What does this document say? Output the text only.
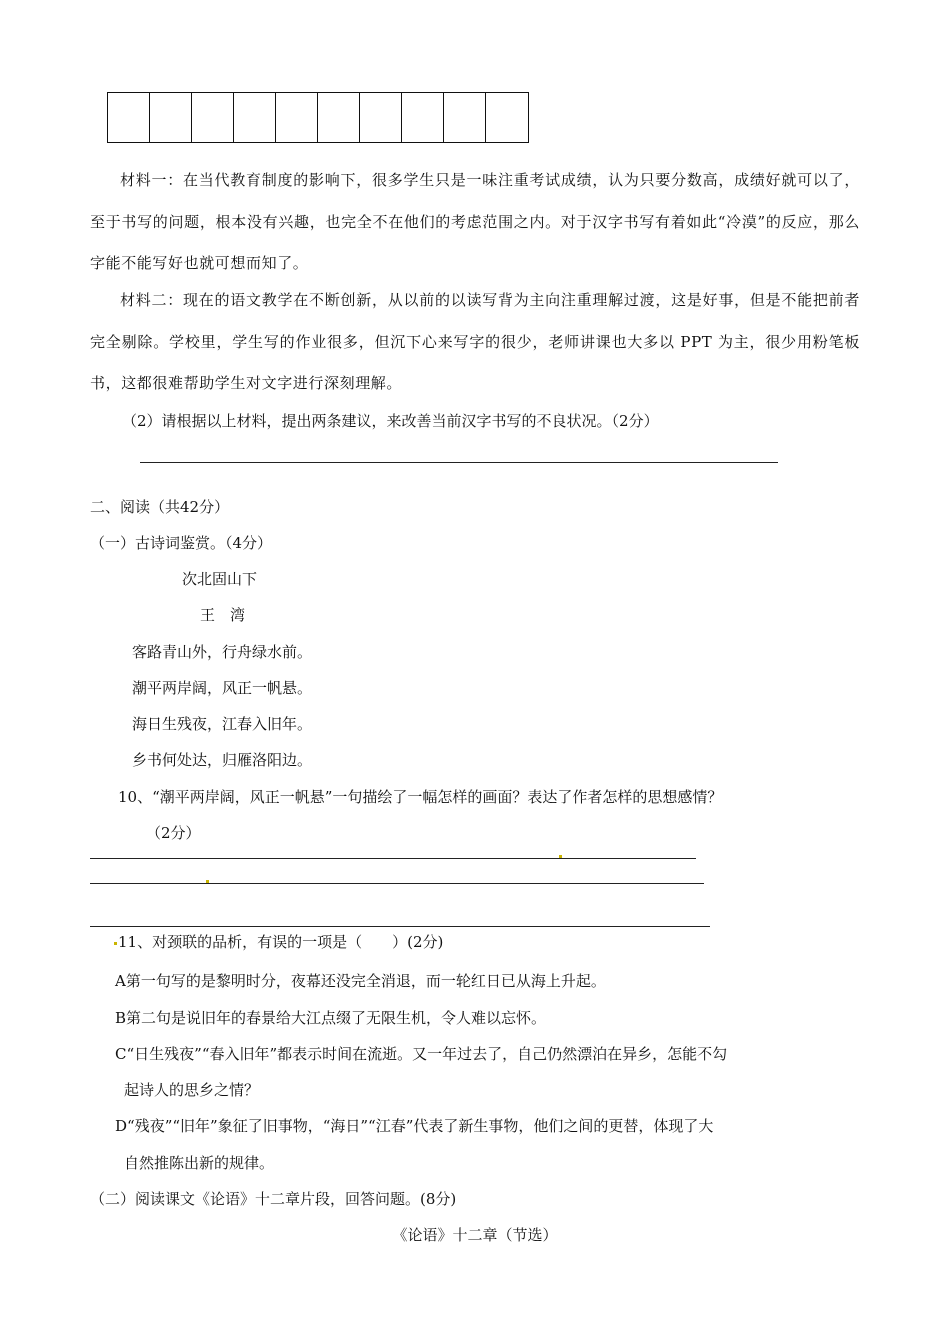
材料一：在当代教育制度的影响下，很多学生只是一味注重考试成绩，认为只要分数高，成绩好就可以了，至于书写的问题，根本没有兴趣，也完全不在他们的考虑范围之内。对于汉字书写有着如此“冷漠”的反应，那么字能不能写好也就可想而知了。
材料二：现在的语文教学在不断创新，从以前的以读写背为主向注重理解过渡，这是好事，但是不能把前者完全剔除。学校里，学生写的作业很多，但沉下心来写字的很少，老师讲课也大多以 PPT 为主，很少用粉笔板书，这都很难帮助学生对文字进行深刻理解。
（2）请根据以上材料，提出两条建议，来改善当前汉字书写的不良状况。（2分）
二、阅读（共42分）
（一）古诗词鉴赏。（4分）
次北固山下
王　湾
客路青山外，行舟绿水前。
潮平两岸阔，风正一帆悬。
海日生残夜，江春入旧年。
乡书何处达，归雁洛阳边。
10、“潮平两岸阔，风正一帆悬”一句描绘了一幅怎样的画面？表达了作者怎样的思想感情？
（2分）
11、对颈联的品析，有误的一项是（　　）(2分)
A第一句写的是黎明时分，夜幕还没完全消退，而一轮红日已从海上升起。
B第二句是说旧年的春景给大江点缀了无限生机，令人难以忘怀。
C“日生残夜”“春入旧年”都表示时间在流逝。又一年过去了，自己仍然漂泊在异乡，怎能不勾
起诗人的思乡之情？
D“残夜”“旧年”象征了旧事物，“海日”“江春”代表了新生事物，他们之间的更替，体现了大
自然推陈出新的规律。
（二）阅读课文《论语》十二章片段，回答问题。(8分)
《论语》十二章（节选）
